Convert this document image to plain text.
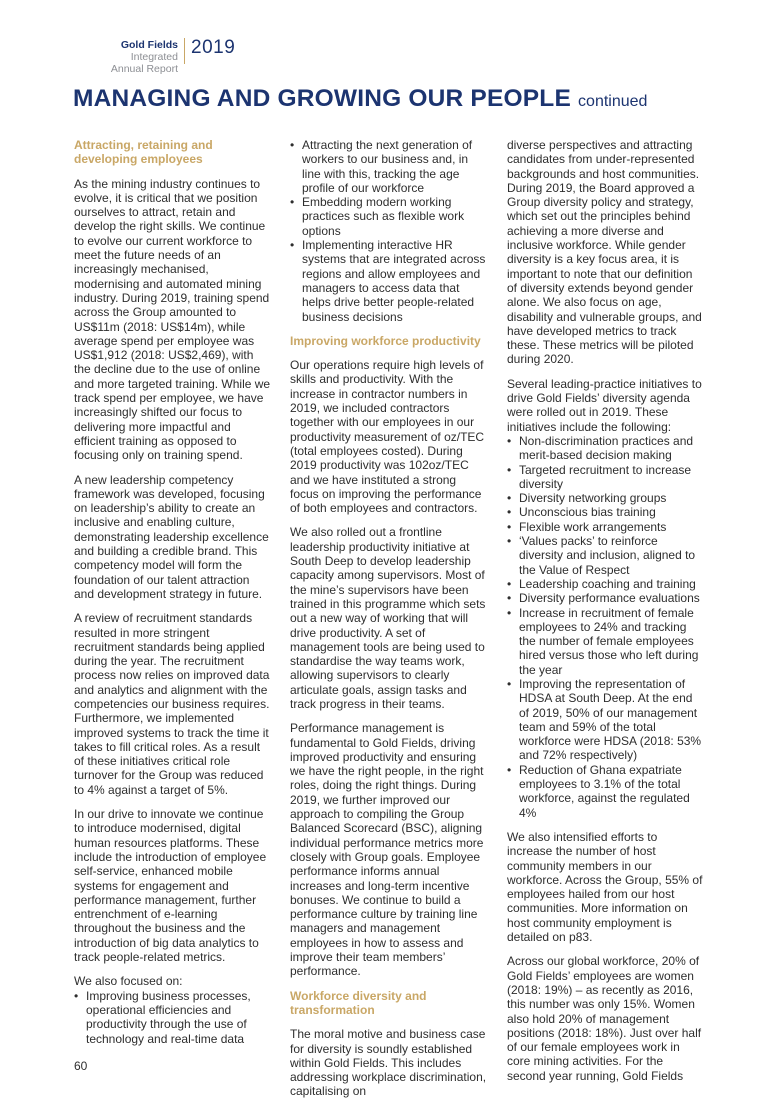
Gold Fields Integrated
Annual Report
2019
MANAGING AND GROWING OUR PEOPLE continued

Attracting, retaining and developing employees

As the mining industry continues to evolve, it is critical that we position ourselves to attract, retain and develop the right skills. We continue to evolve our current workforce to meet the future needs of an increasingly mechanised, modernising and automated mining industry. During 2019, training spend across the Group amounted to US$11m (2018: US$14m), while average spend per employee was US$1,912 (2018: US$2,469), with the decline due to the use of online and more targeted training. While we track spend per employee, we have increasingly shifted our focus to delivering more impactful and efficient training as opposed to focusing only on training spend.

A new leadership competency framework was developed, focusing on leadership’s ability to create an inclusive and enabling culture, demonstrating leadership excellence and building a credible brand. This competency model will form the foundation of our talent attraction and development strategy in future.

A review of recruitment standards resulted in more stringent recruitment standards being applied during the year. The recruitment process now relies on improved data and analytics and alignment with the competencies our business requires. Furthermore, we implemented improved systems to track the time it takes to fill critical roles. As a result of these initiatives critical role turnover for the Group was reduced to 4% against a target of 5%.

In our drive to innovate we continue to introduce modernised, digital human resources platforms. These include the introduction of employee self-service, enhanced mobile systems for engagement and performance management, further entrenchment of e-learning throughout the business and the introduction of big data analytics to track people-related metrics.

We also focused on:

• Improving business processes, operational efficiencies and productivity through the use of technology and real-time data
• Attracting the next generation of workers to our business and, in line with this, tracking the age profile of our workforce
• Embedding modern working practices such as flexible work options
• Implementing interactive HR systems that are integrated across regions and allow employees and managers to access data that helps drive better people-related business decisions

Improving workforce productivity

Our operations require high levels of skills and productivity. With the increase in contractor numbers in 2019, we included contractors together with our employees in our productivity measurement of oz/TEC (total employees costed). During 2019 productivity was 102oz/TEC and we have instituted a strong focus on improving the performance of both employees and contractors.

We also rolled out a frontline leadership productivity initiative at South Deep to develop leadership capacity among supervisors. Most of the mine’s supervisors have been trained in this programme which sets out a new way of working that will drive productivity. A set of management tools are being used to standardise the way teams work, allowing supervisors to clearly articulate goals, assign tasks and track progress in their teams.

Performance management is fundamental to Gold Fields, driving improved productivity and ensuring we have the right people, in the right roles, doing the right things. During 2019, we further improved our approach to compiling the Group Balanced Scorecard (BSC), aligning individual performance metrics more closely with Group goals. Employee performance informs annual increases and long-term incentive bonuses. We continue to build a performance culture by training line managers and management employees in how to assess and improve their team members’ performance.

Workforce diversity and transformation

The moral motive and business case for diversity is soundly established within Gold Fields. This includes addressing workplace discrimination, capitalising on

diverse perspectives and attracting candidates from under-represented backgrounds and host communities. During 2019, the Board approved a Group diversity policy and strategy, which set out the principles behind achieving a more diverse and inclusive workforce. While gender diversity is a key focus area, it is important to note that our definition of diversity extends beyond gender alone. We also focus on age, disability and vulnerable groups, and have developed metrics to track these. These metrics will be piloted during 2020.

Several leading-practice initiatives to drive Gold Fields’ diversity agenda were rolled out in 2019. These initiatives include the following:

• Non-discrimination practices and merit-based decision making
• Targeted recruitment to increase diversity
• Diversity networking groups
• Unconscious bias training
• Flexible work arrangements
• ‘Values packs’ to reinforce diversity and inclusion, aligned to the Value of Respect
• Leadership coaching and training
• Diversity performance evaluations
• Increase in recruitment of female employees to 24% and tracking the number of female employees hired versus those who left during the year
• Improving the representation of HDSA at South Deep. At the end of 2019, 50% of our management team and 59% of the total workforce were HDSA (2018: 53% and 72% respectively)
• Reduction of Ghana expatriate employees to 3.1% of the total workforce, against the regulated 4%

We also intensified efforts to increase the number of host community members in our workforce. Across the Group, 55% of employees hailed from our host communities. More information on host community employment is detailed on p83.

Across our global workforce, 20% of Gold Fields’ employees are women (2018: 19%) – as recently as 2016, this number was only 15%. Women also hold 20% of management positions (2018: 18%). Just over half of our female employees work in core mining activities. For the second year running, Gold Fields

60
